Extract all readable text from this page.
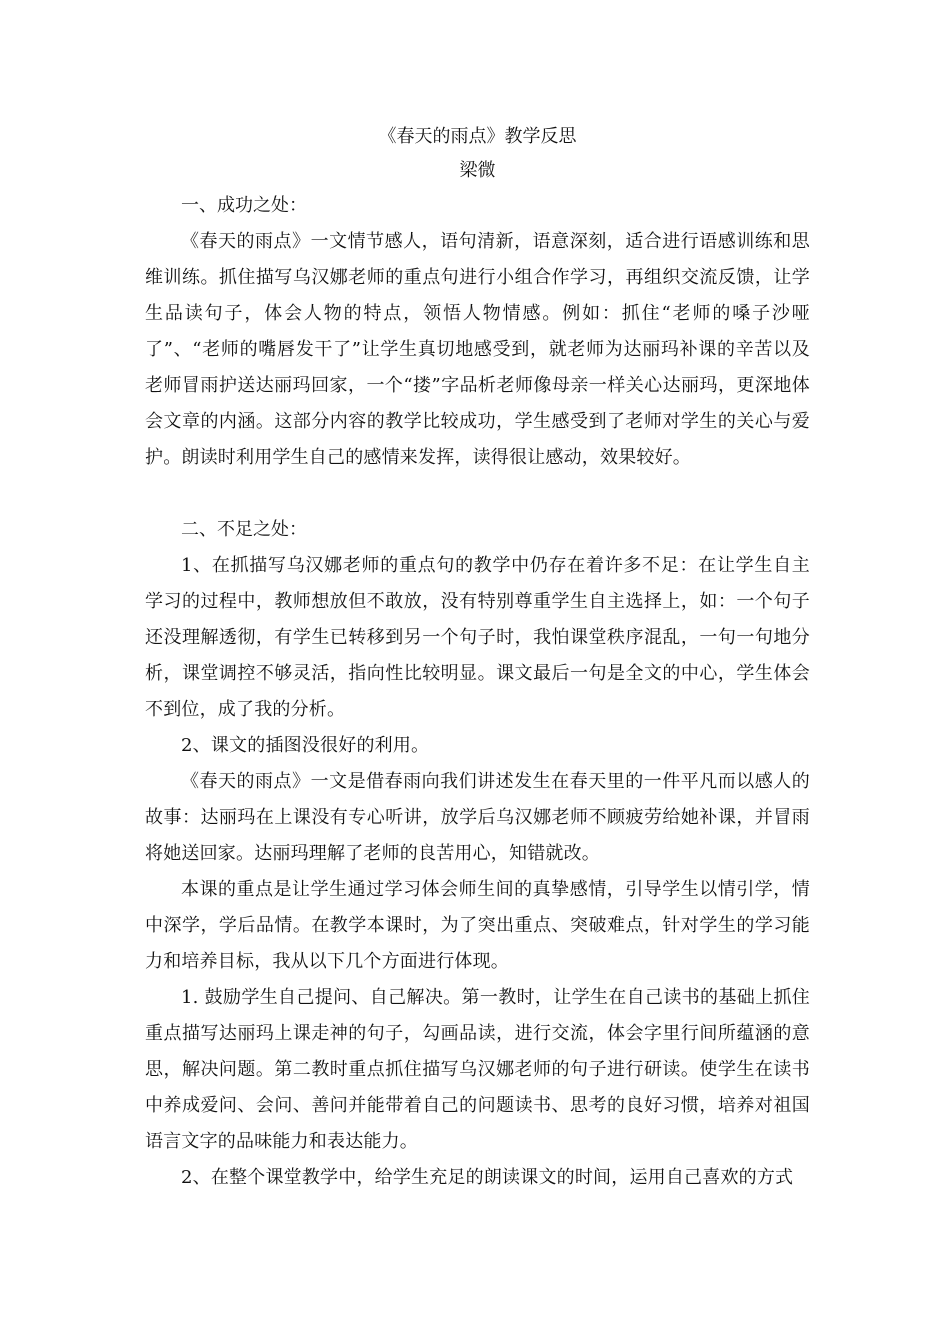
《春天的雨点》教学反思

梁微

一、成功之处：

《春天的雨点》一文情节感人，语句清新，语意深刻，适合进行语感训练和思维训练。抓住描写乌汉娜老师的重点句进行小组合作学习，再组织交流反馈，让学生品读句子，体会人物的特点，领悟人物情感。例如：抓住“老师的嗓子沙哑了”、“老师的嘴唇发干了”让学生真切地感受到，就老师为达丽玛补课的辛苦以及老师冒雨护送达丽玛回家，一个“搂”字品析老师像母亲一样关心达丽玛，更深地体会文章的内涵。这部分内容的教学比较成功，学生感受到了老师对学生的关心与爱护。朗读时利用学生自己的感情来发挥，读得很让感动，效果较好。

二、不足之处：

1、在抓描写乌汉娜老师的重点句的教学中仍存在着许多不足：在让学生自主学习的过程中，教师想放但不敢放，没有特别尊重学生自主选择上，如：一个句子还没理解透彻，有学生已转移到另一个句子时，我怕课堂秩序混乱，一句一句地分析，课堂调控不够灵活，指向性比较明显。课文最后一句是全文的中心，学生体会不到位，成了我的分析。

2、课文的插图没很好的利用。

《春天的雨点》一文是借春雨向我们讲述发生在春天里的一件平凡而以感人的故事：达丽玛在上课没有专心听讲，放学后乌汉娜老师不顾疲劳给她补课，并冒雨将她送回家。达丽玛理解了老师的良苦用心，知错就改。

本课的重点是让学生通过学习体会师生间的真挚感情，引导学生以情引学，情中深学，学后品情。在教学本课时，为了突出重点、突破难点，针对学生的学习能力和培养目标，我从以下几个方面进行体现。

1. 鼓励学生自己提问、自己解决。第一教时，让学生在自己读书的基础上抓住重点描写达丽玛上课走神的句子，勾画品读，进行交流，体会字里行间所蕴涵的意思，解决问题。第二教时重点抓住描写乌汉娜老师的句子进行研读。使学生在读书中养成爱问、会问、善问并能带着自己的问题读书、思考的良好习惯，培养对祖国语言文字的品味能力和表达能力。

2、在整个课堂教学中，给学生充足的朗读课文的时间，运用自己喜欢的方式
